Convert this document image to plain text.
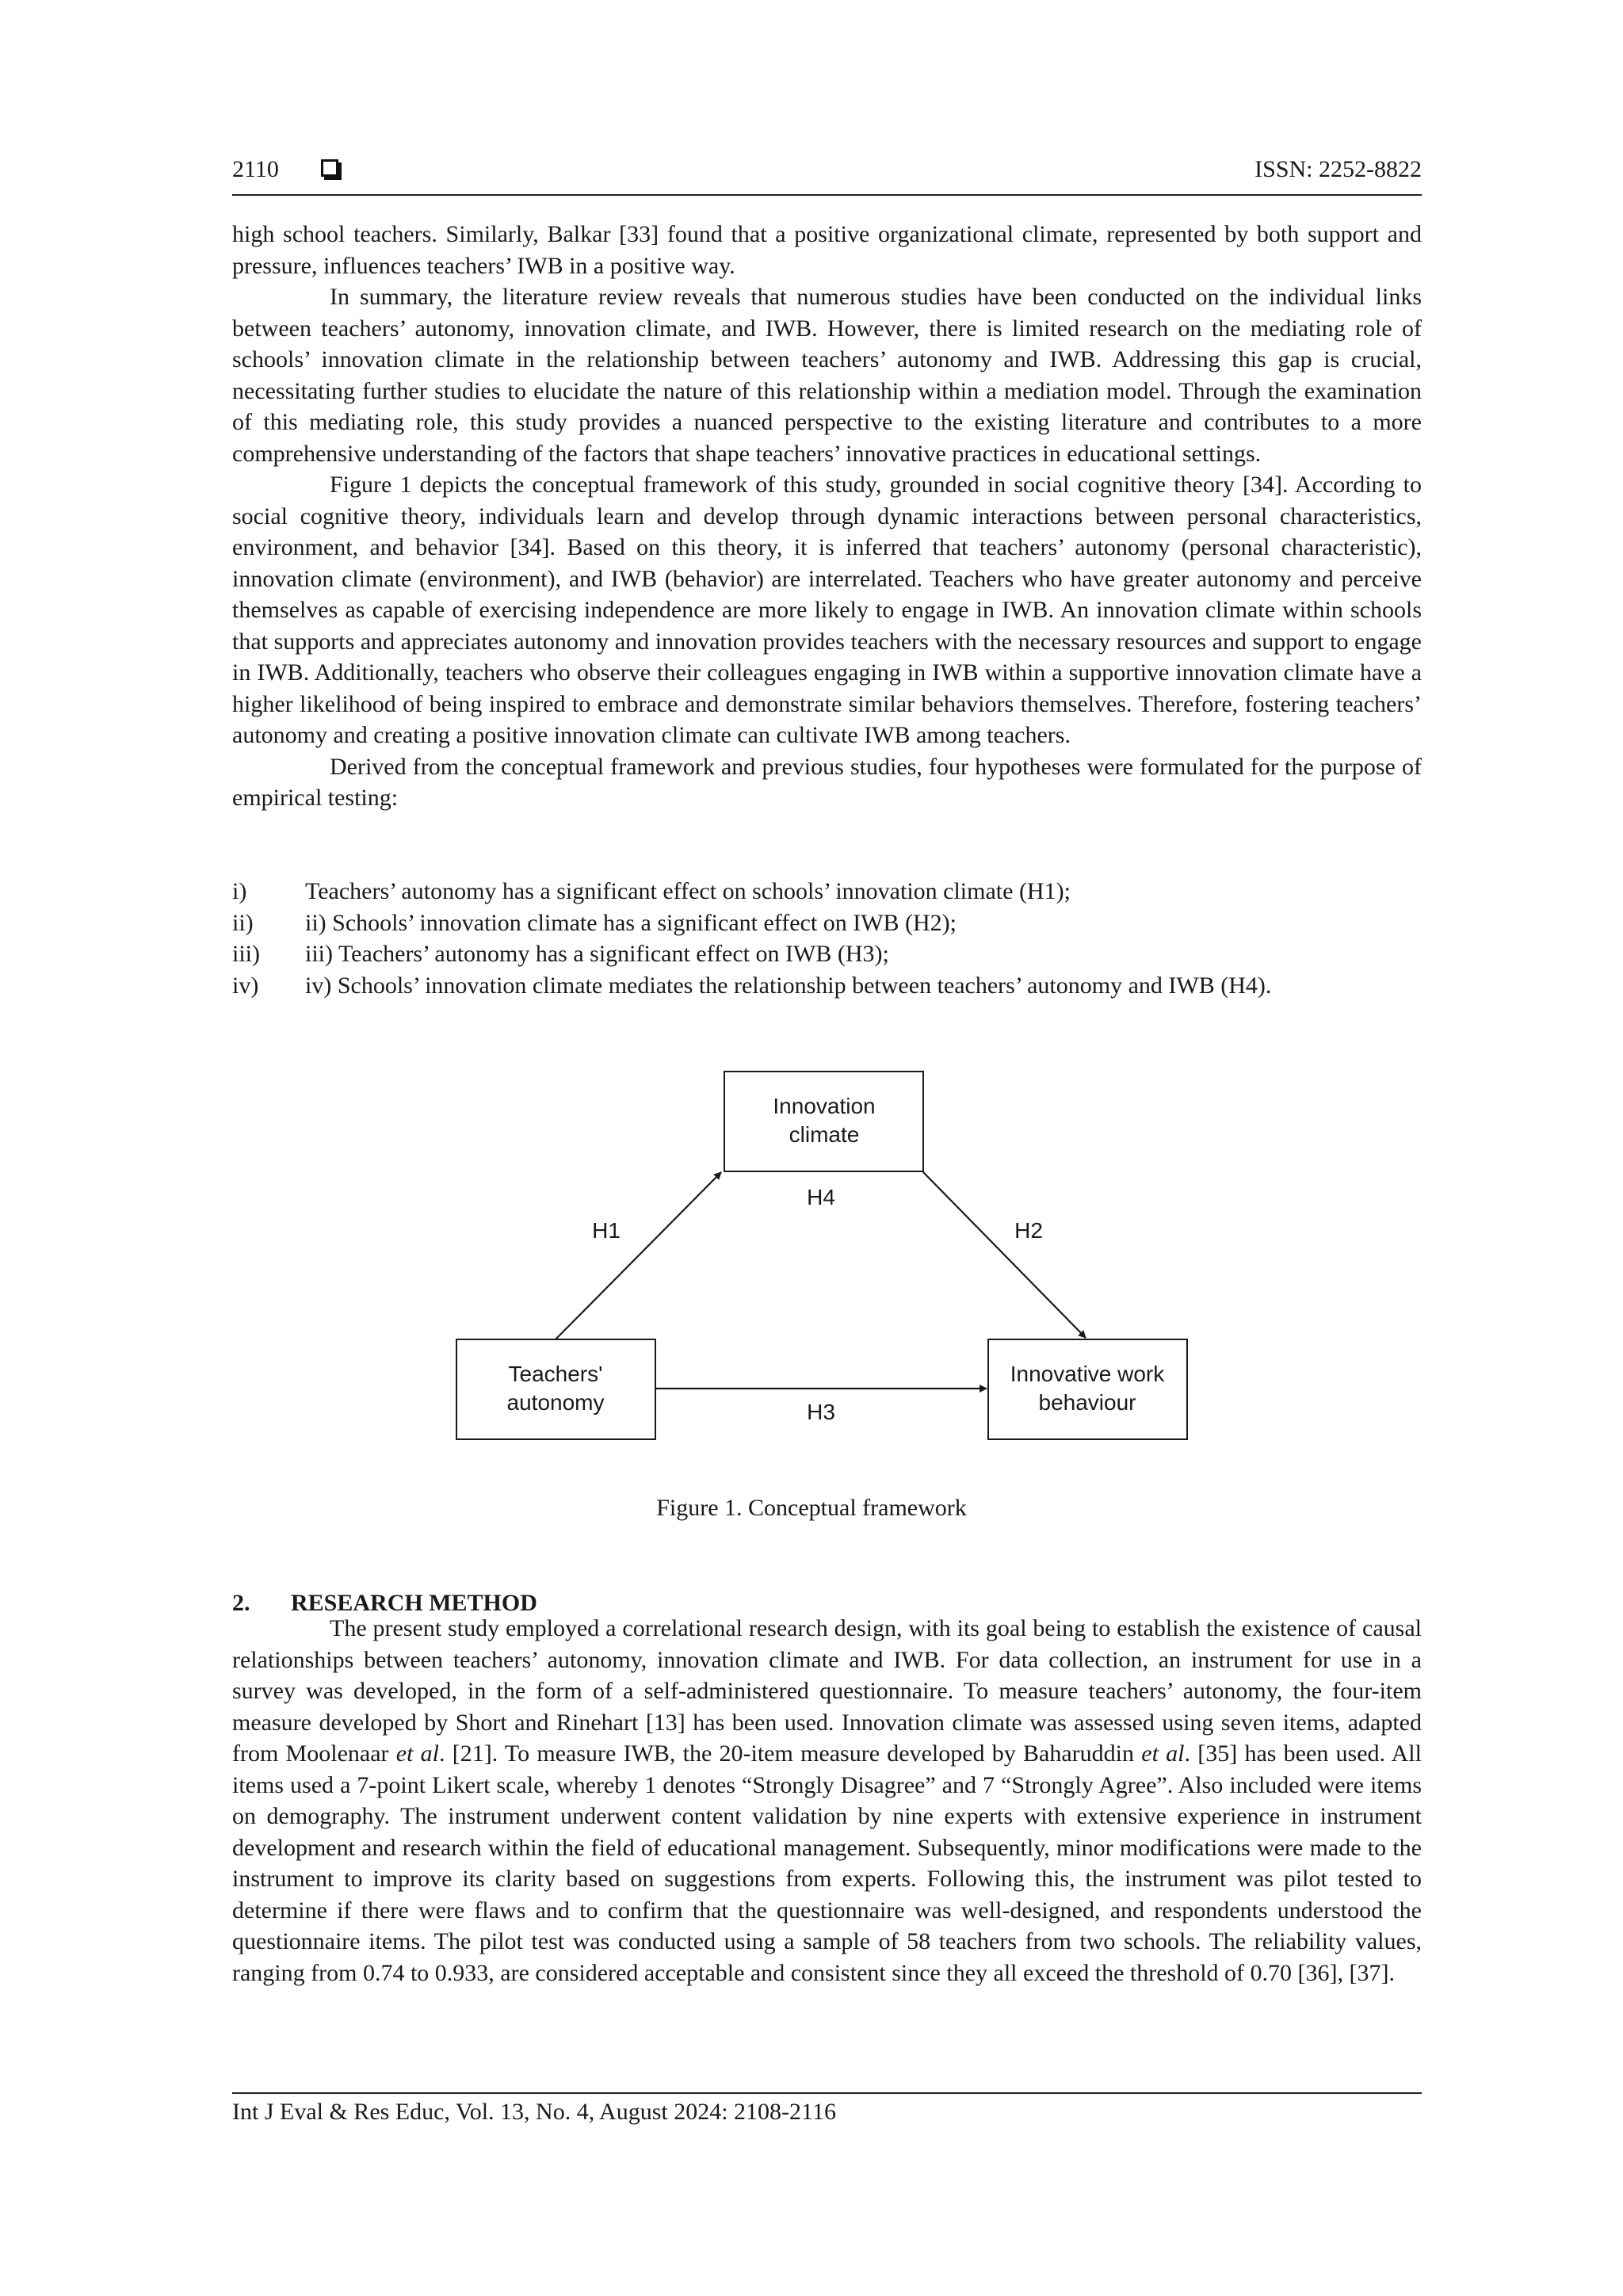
2110	ISSN: 2252-8822

high school teachers. Similarly, Balkar [33] found that a positive organizational climate, represented by both support and pressure, influences teachers’ IWB in a positive way.

In summary, the literature review reveals that numerous studies have been conducted on the individual links between teachers’ autonomy, innovation climate, and IWB. However, there is limited research on the mediating role of schools’ innovation climate in the relationship between teachers’ autonomy and IWB. Addressing this gap is crucial, necessitating further studies to elucidate the nature of this relationship within a mediation model. Through the examination of this mediating role, this study provides a nuanced perspective to the existing literature and contributes to a more comprehensive understanding of the factors that shape teachers’ innovative practices in educational settings.

Figure 1 depicts the conceptual framework of this study, grounded in social cognitive theory [34]. According to social cognitive theory, individuals learn and develop through dynamic interactions between personal characteristics, environment, and behavior [34]. Based on this theory, it is inferred that teachers’ autonomy (personal characteristic), innovation climate (environment), and IWB (behavior) are interrelated. Teachers who have greater autonomy and perceive themselves as capable of exercising independence are more likely to engage in IWB. An innovation climate within schools that supports and appreciates autonomy and innovation provides teachers with the necessary resources and support to engage in IWB. Additionally, teachers who observe their colleagues engaging in IWB within a supportive innovation climate have a higher likelihood of being inspired to embrace and demonstrate similar behaviors themselves. Therefore, fostering teachers’ autonomy and creating a positive innovation climate can cultivate IWB among teachers.

Derived from the conceptual framework and previous studies, four hypotheses were formulated for the purpose of empirical testing:

i)	Teachers’ autonomy has a significant effect on schools’ innovation climate (H1);
ii)	ii) Schools’ innovation climate has a significant effect on IWB (H2);
iii)	iii) Teachers’ autonomy has a significant effect on IWB (H3);
iv)	iv) Schools’ innovation climate mediates the relationship between teachers’ autonomy and IWB (H4).
Innovation
climate
Teachers'
autonomy
Innovative work
behaviour
H1	H2
H3
H4
Figure 1. Conceptual framework
2. RESEARCH METHOD

The present study employed a correlational research design, with its goal being to establish the existence of causal relationships between teachers’ autonomy, innovation climate and IWB. For data collection, an instrument for use in a survey was developed, in the form of a self-administered questionnaire. To measure teachers’ autonomy, the four-item measure developed by Short and Rinehart [13] has been used. Innovation climate was assessed using seven items, adapted from Moolenaar et al. [21]. To measure IWB, the 20-item measure developed by Baharuddin et al. [35] has been used. All items used a 7-point Likert scale, whereby 1 denotes “Strongly Disagree” and 7 “Strongly Agree”. Also included were items on demography. The instrument underwent content validation by nine experts with extensive experience in instrument development and research within the field of educational management. Subsequently, minor modifications were made to the instrument to improve its clarity based on suggestions from experts. Following this, the instrument was pilot tested to determine if there were flaws and to confirm that the questionnaire was well-designed, and respondents understood the questionnaire items. The pilot test was conducted using a sample of 58 teachers from two schools. The reliability values, ranging from 0.74 to 0.933, are considered acceptable and consistent since they all exceed the threshold of 0.70 [36], [37].

Int J Eval & Res Educ, Vol. 13, No. 4, August 2024: 2108-2116
